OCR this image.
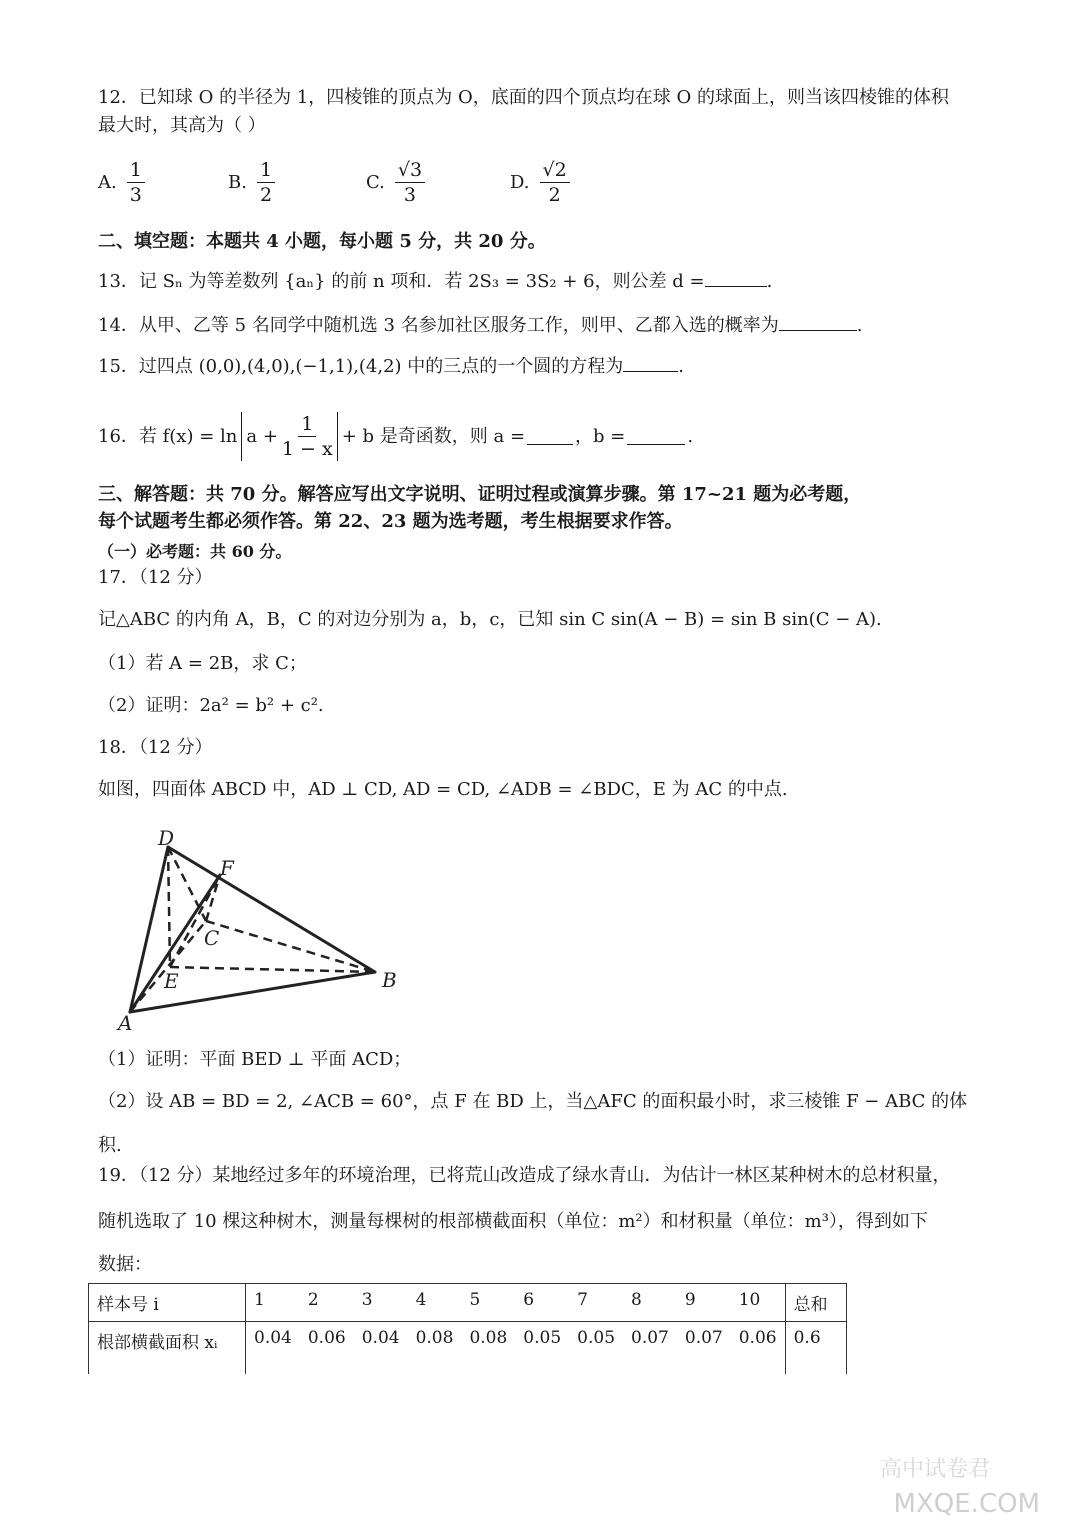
12．已知球 O 的半径为 1，四棱锥的顶点为 O，底面的四个顶点均在球 O 的球面上，则当该四棱锥的体积
最大时，其高为（ ）
A. $\frac{1}{3}$	B. $\frac{1}{2}$	C. $\frac{√3}{3}$	D. $\frac{√2}{2}$
二、填空题：本题共 4 小题，每小题 5 分，共 20 分。
13．记 Sₙ 为等差数列 {aₙ} 的前 n 项和．若 2S₃ = 3S₂ + 6，则公差 d =	.
14．从甲、乙等 5 名同学中随机选 3 名参加社区服务工作，则甲、乙都入选的概率为	.
15．过四点 (0,0),(4,0),(−1,1),(4,2) 中的三点的一个圆的方程为	.
16．若 $f(x) = \ln a + \frac{1}{1 - x} + b$ 是奇函数，则 a =	，b =	.
三、解答题：共 70 分。解答应写出文字说明、证明过程或演算步骤。第 17~21 题为必考题，
每个试题考生都必须作答。第 22、23 题为选考题，考生根据要求作答。
（一）必考题：共 60 分。
17．（12 分）
记△ABC 的内角 A，B，C 的对边分别为 a，b，c，已知 sin C sin(A − B) = sin B sin(C − A).
（1）若 A = 2B，求 C；
（2）证明：2a² = b² + c².
18．（12 分）
如图，四面体 ABCD 中，AD ⊥ CD, AD = CD, ∠ADB = ∠BDC，E 为 AC 的中点.
D
F
C
E	B
A
（1）证明：平面 BED ⊥ 平面 ACD；
（2）设 AB = BD = 2, ∠ACB = 60°，点 F 在 BD 上，当△AFC 的面积最小时，求三棱锥 F − ABC 的体
积.
19．（12 分）某地经过多年的环境治理，已将荒山改造成了绿水青山．为估计一林区某种树木的总材积量，
随机选取了 10 棵这种树木，测量每棵树的根部横截面积（单位：m²）和材积量（单位：m³），得到如下
数据：
样本号 i	1	2	3	4	5	6	7	8	9	10	总和
根部横截面积 xᵢ	0.04	0.06	0.04	0.08	0.08	0.05	0.05	0.07	0.07	0.06	0.6
高中试卷君
MXQE.COM
